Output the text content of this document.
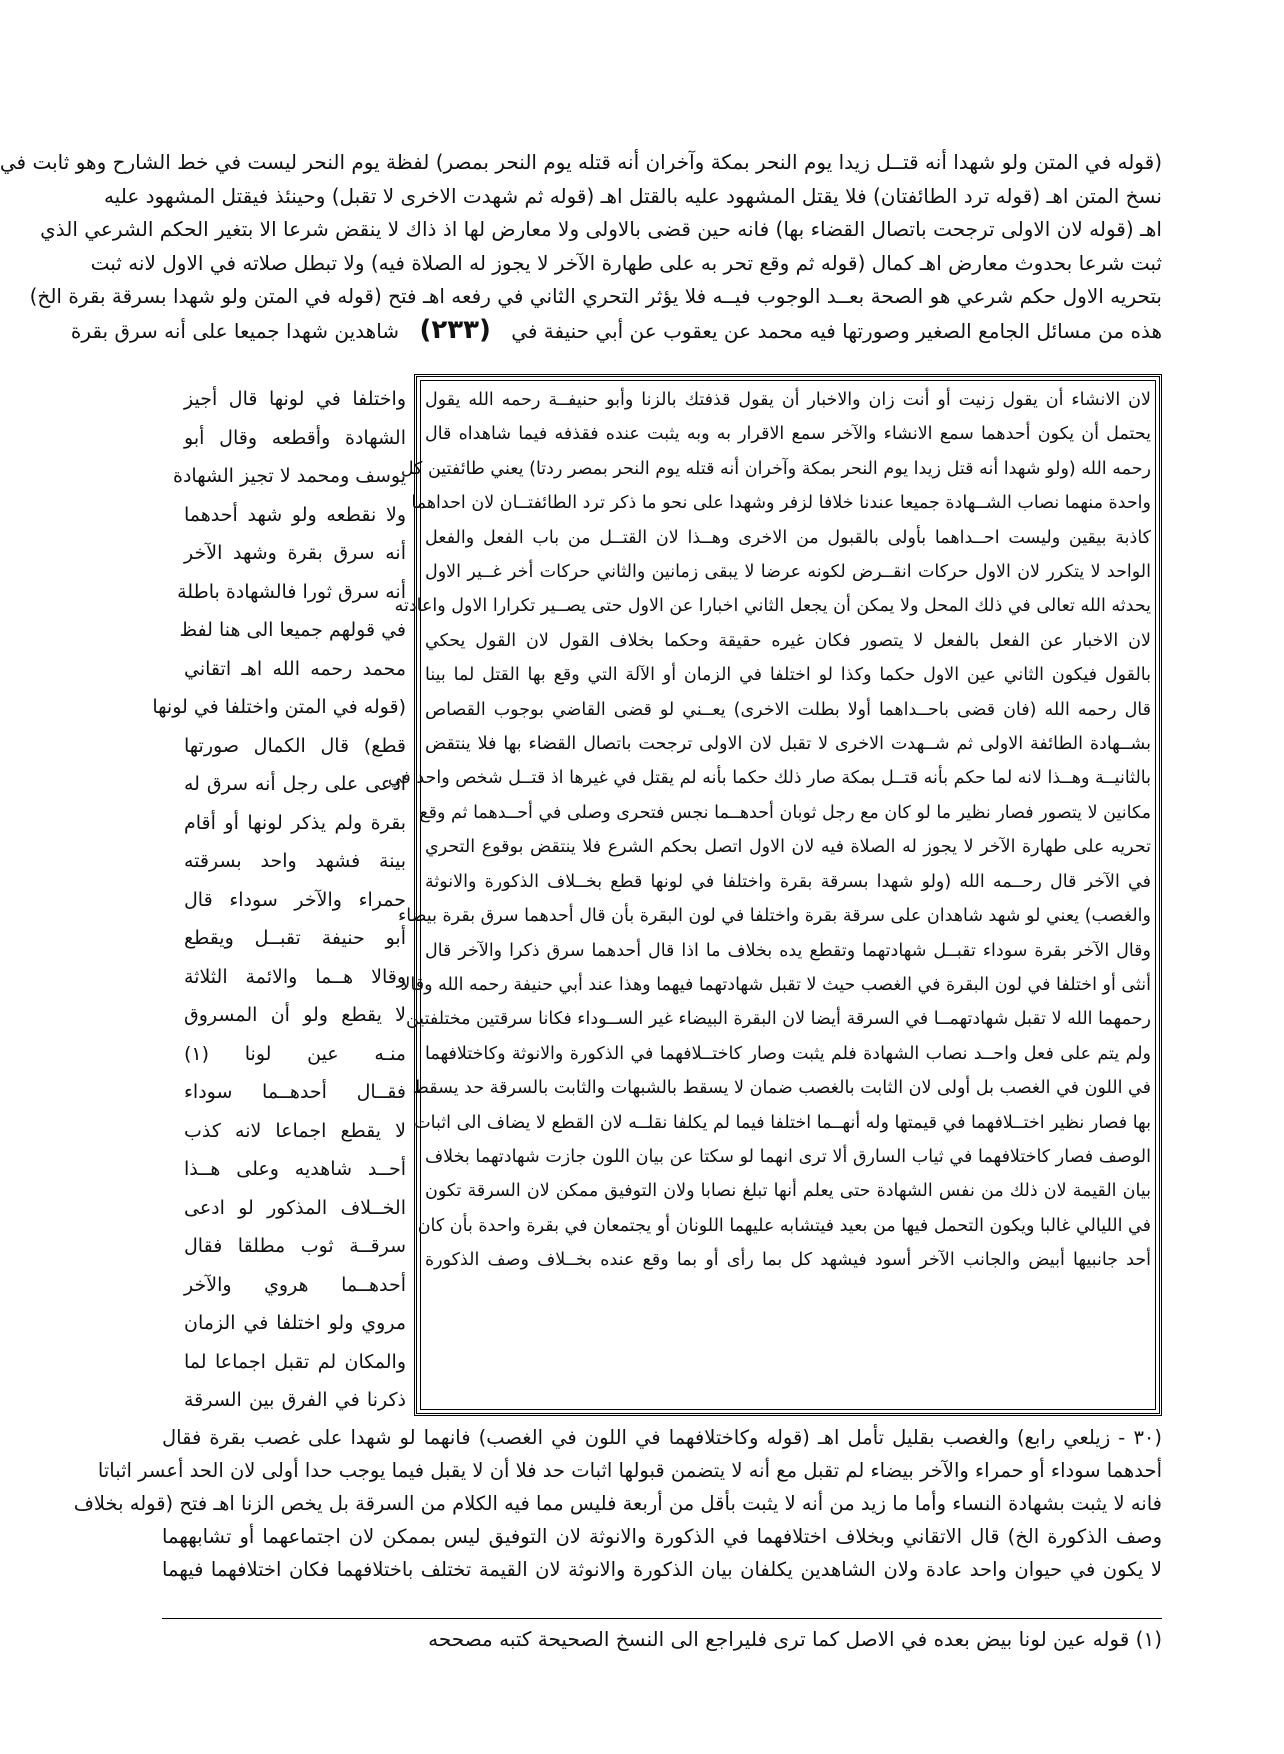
(قوله في المتن ولو شهدا أنه قتــل زيدا يوم النحر بمكة وآخران أنه قتله يوم النحر بمصر) لفظة يوم النحر ليست في خط الشارح وهو ثابت في
نسخ المتن اهـ (قوله ترد الطائفتان) فلا يقتل المشهود عليه بالقتل اهـ (قوله ثم شهدت الاخرى لا تقبل) وحينئذ فيقتل المشهود عليه
اهـ (قوله لان الاولى ترجحت باتصال القضاء بها) فانه حين قضى بالاولى ولا معارض لها اذ ذاك لا ينقض شرعا الا بتغير الحكم الشرعي الذي
ثبت شرعا بحدوث معارض اهـ كمال (قوله ثم وقع تحر به على طهارة الآخر لا يجوز له الصلاة فيه) ولا تبطل صلاته في الاول لانه ثبت
بتحريه الاول حكم شرعي هو الصحة بعــد الوجوب فيــه فلا يؤثر التحري الثاني في رفعه اهـ فتح (قوله في المتن ولو شهدا بسرقة بقرة الخ)
هذه من مسائل الجامع الصغير وصورتها فيه محمد عن يعقوب عن أبي حنيفة في (٢٣٣) شاهدين شهدا جميعا على أنه سرق بقرة
لان الانشاء أن يقول زنيت أو أنت زان والاخبار أن يقول قذفتك بالزنا وأبو حنيفــة رحمه الله يقول
يحتمل أن يكون أحدهما سمع الانشاء والآخر سمع الاقرار به وبه يثبت عنده فقذفه فيما شاهداه قال
رحمه الله (ولو شهدا أنه قتل زيدا يوم النحر بمكة وآخران أنه قتله يوم النحر بمصر ردتا) يعني طائفتين كل
واحدة منهما نصاب الشــهادة جميعا عندنا خلافا لزفر وشهدا على نحو ما ذكر ترد الطائفتــان لان احداهما
كاذبة بيقين وليست احــداهما بأولى بالقبول من الاخرى وهــذا لان القتــل من باب الفعل والفعل
الواحد لا يتكرر لان الاول حركات انقــرض لكونه عرضا لا يبقى زمانين والثاني حركات أخر غــير الاول
يحدثه الله تعالى في ذلك المحل ولا يمكن أن يجعل الثاني اخبارا عن الاول حتى يصــير تكرارا الاول واعادته
لان الاخبار عن الفعل بالفعل لا يتصور فكان غيره حقيقة وحكما بخلاف القول لان القول يحكي
بالقول فيكون الثاني عين الاول حكما وكذا لو اختلفا في الزمان أو الآلة التي وقع بها القتل لما بينا
قال رحمه الله (فان قضى باحــداهما أولا بطلت الاخرى) يعــني لو قضى القاضي بوجوب القصاص
بشــهادة الطائفة الاولى ثم شــهدت الاخرى لا تقبل لان الاولى ترجحت باتصال القضاء بها فلا ينتقض
بالثانيــة وهــذا لانه لما حكم بأنه قتــل بمكة صار ذلك حكما بأنه لم يقتل في غيرها اذ قتــل شخص واحد في
مكانين لا يتصور فصار نظير ما لو كان مع رجل ثوبان أحدهــما نجس فتحرى وصلى في أحــدهما ثم وقع
تحريه على طهارة الآخر لا يجوز له الصلاة فيه لان الاول اتصل بحكم الشرع فلا ينتقض بوقوع التحري
في الآخر قال رحــمه الله (ولو شهدا بسرقة بقرة واختلفا في لونها قطع بخــلاف الذكورة والانوثة
والغصب) يعني لو شهد شاهدان على سرقة بقرة واختلفا في لون البقرة بأن قال أحدهما سرق بقرة بيضاء
وقال الآخر بقرة سوداء تقبــل شهادتهما وتقطع يده بخلاف ما اذا قال أحدهما سرق ذكرا والآخر قال
أنثى أو اختلفا في لون البقرة في الغصب حيث لا تقبل شهادتهما فيهما وهذا عند أبي حنيفة رحمه الله وقالا
رحمهما الله لا تقبل شهادتهمــا في السرقة أيضا لان البقرة البيضاء غير الســوداء فكانا سرقتين مختلفتين
ولم يتم على فعل واحــد نصاب الشهادة فلم يثبت وصار كاختــلافهما في الذكورة والانوثة وكاختلافهما
في اللون في الغصب بل أولى لان الثابت بالغصب ضمان لا يسقط بالشبهات والثابت بالسرقة حد يسقط
بها فصار نظير اختــلافهما في قيمتها وله أنهــما اختلفا فيما لم يكلفا نقلــه لان القطع لا يضاف الى اثبات
الوصف فصار كاختلافهما في ثياب السارق ألا ترى انهما لو سكتا عن بيان اللون جازت شهادتهما بخلاف
بيان القيمة لان ذلك من نفس الشهادة حتى يعلم أنها تبلغ نصابا ولان التوفيق ممكن لان السرقة تكون
في الليالي غالبا ويكون التحمل فيها من بعيد فيتشابه عليهما اللونان أو يجتمعان في بقرة واحدة بأن كان
أحد جانبيها أبيض والجانب الآخر أسود فيشهد كل بما رأى أو بما وقع عنده بخــلاف وصف الذكورة
واختلفا في لونها قال أجيز
الشهادة وأقطعه وقال أبو
يوسف ومحمد لا تجيز الشهادة
ولا نقطعه ولو شهد أحدهما
أنه سرق بقرة وشهد الآخر
أنه سرق ثورا فالشهادة باطلة
في قولهم جميعا الى هنا لفظ
محمد رحمه الله اهـ اتقاني
(قوله في المتن واختلفا في لونها
قطع) قال الكمال صورتها
ادعى على رجل أنه سرق له
بقرة ولم يذكر لونها أو أقام
بينة فشهد واحد بسرقته
حمراء والآخر سوداء قال
أبو حنيفة تقبــل ويقطع
وقالا هــما والائمة الثلاثة
لا يقطع ولو أن المسروق
منـه عين لونا (١)
فقــال أحدهــما سوداء
لا يقطع اجماعا لانه كذب
أحــد شاهديه وعلى هــذا
الخــلاف المذكور لو ادعى
سرقــة ثوب مطلقا فقال
أحدهــما هروي والآخر
مروي ولو اختلفا في الزمان
والمكان لم تقبل اجماعا لما
ذكرنا في الفرق بين السرقة
(٣٠ - زيلعي رابع) والغصب بقليل تأمل اهـ (قوله وكاختلافهما في اللون في الغصب) فانهما لو شهدا على غصب بقرة فقال
أحدهما سوداء أو حمراء والآخر بيضاء لم تقبل مع أنه لا يتضمن قبولها اثبات حد فلا أن لا يقبل فيما يوجب حدا أولى لان الحد أعسر اثباتا
فانه لا يثبت بشهادة النساء وأما ما زيد من أنه لا يثبت بأقل من أربعة فليس مما فيه الكلام من السرقة بل يخص الزنا اهـ فتح (قوله بخلاف
وصف الذكورة الخ) قال الاتقاني وبخلاف اختلافهما في الذكورة والانوثة لان التوفيق ليس بممكن لان اجتماعهما أو تشابههما
لا يكون في حيوان واحد عادة ولان الشاهدين يكلفان بيان الذكورة والانوثة لان القيمة تختلف باختلافهما فكان اختلافهما فيهما
(١) قوله عين لونا بيض بعده في الاصل كما ترى فليراجع الى النسخ الصحيحة كتبه مصححه
